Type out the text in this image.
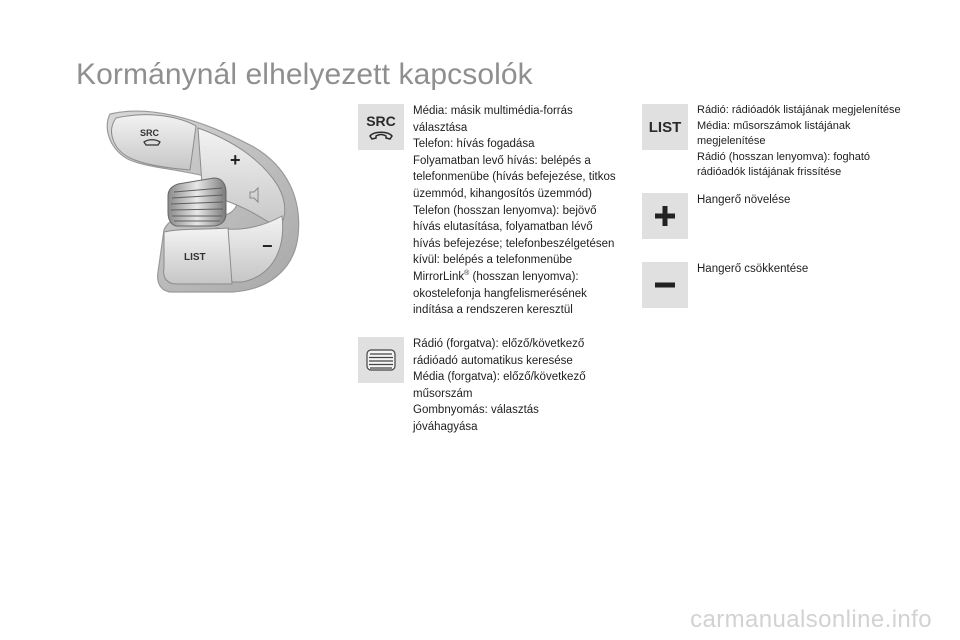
Kormánynál elhelyezett kapcsolók
SRC
+
−
LIST
SRC
Média: másik multimédia-forrás
választása
Telefon: hívás fogadása
Folyamatban levő hívás: belépés a
telefonmenübe (hívás befejezése, titkos
üzemmód, kihangosítós üzemmód)
Telefon (hosszan lenyomva): bejövő
hívás elutasítása, folyamatban lévő
hívás befejezése; telefonbeszélgetésen
kívül: belépés a telefonmenübe
MirrorLink® (hosszan lenyomva):
okostelefonja hangfelismerésének
indítása a rendszeren keresztül
Rádió (forgatva): előző/következő
rádióadó automatikus keresése
Média (forgatva): előző/következő
műsorszám
Gombnyomás: választás
jóváhagyása
LIST
Rádió: rádióadók listájának megjelenítése
Média: műsorszámok listájának
megjelenítése
Rádió (hosszan lenyomva): fogható
rádióadók listájának frissítése
Hangerő növelése
Hangerő csökkentése
carmanualsonline.info
